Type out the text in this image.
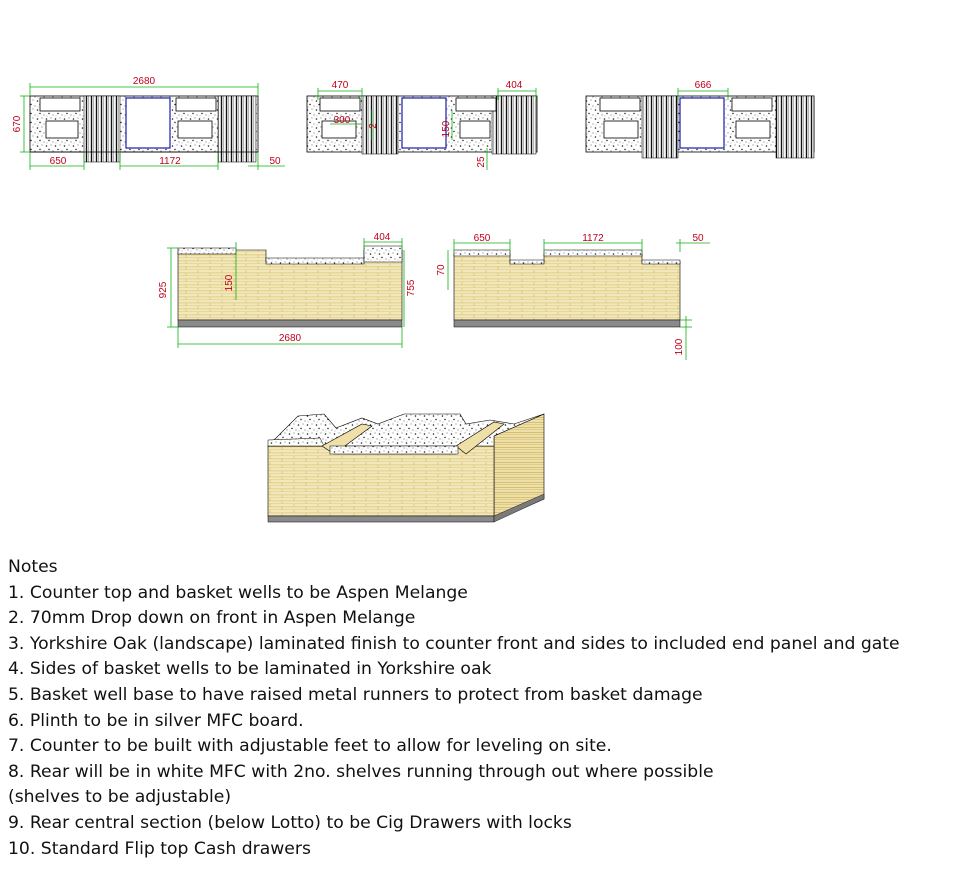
2680
670
650	1172	50
470	404
300 2	150
25
666
404
925	150	755
2680
650	1172	50
70
100
Notes
1. Counter top and basket wells to be Aspen Melange
2. 70mm Drop down on front in Aspen Melange
3. Yorkshire Oak (landscape) laminated finish to counter front and sides to included end panel and gate
4. Sides of basket wells to be laminated in Yorkshire oak
5. Basket well base to have raised metal runners to protect from basket damage
6. Plinth to be in silver MFC board.
7. Counter to be built with adjustable feet to allow for leveling on site.
8. Rear will be in white MFC with 2no. shelves running through out where possible
(shelves to be adjustable)
9. Rear central section (below Lotto) to be Cig Drawers with locks
10. Standard Flip top Cash drawers
